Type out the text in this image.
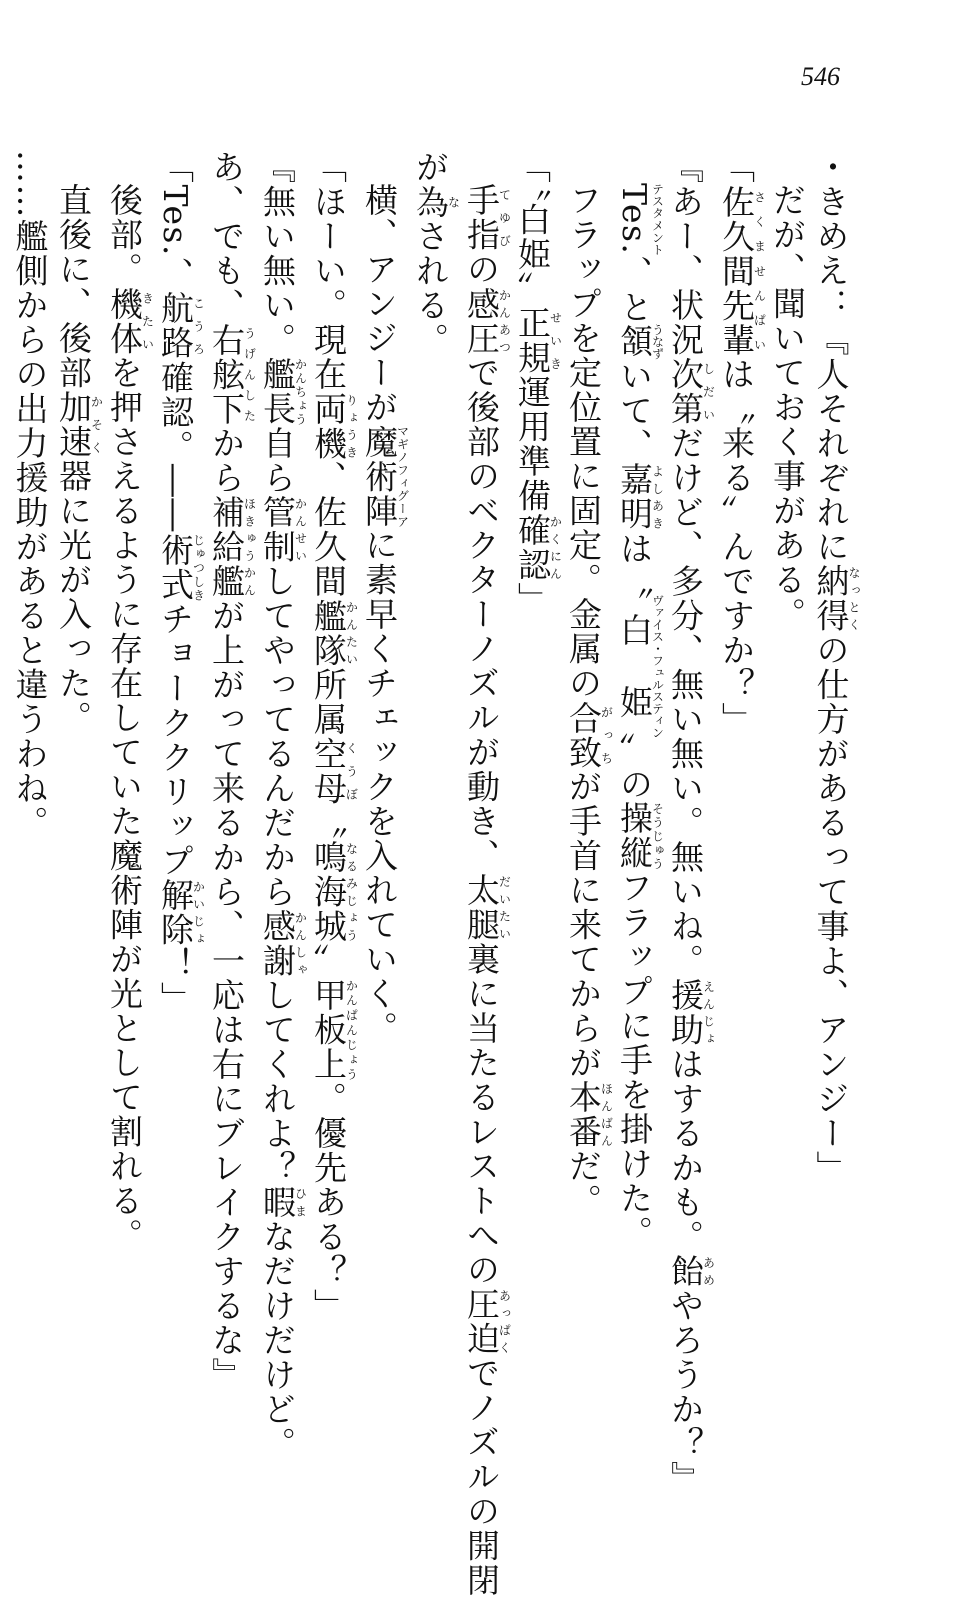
546
・きめえ：『人それぞれに納得なっとくの仕方があるって事よ、アンジー」
だが、聞いておく事がある。
「佐久間先輩さくませんぱいは〝来る〟んですか？」
『あー、状況次第しだいだけど、多分、無い無い。無いね。援助えんじょはするかも。飴あめやろうか？』
Tes.テスタメント、と頷うなずいて、嘉明よしあきは〝白姫ヴァイス・フュルスティン〟の操縦そうじゅうフラップに手を掛けた。
フラップを定位置に固定。金属の合致がっちが手首に来てからが本番ほんばんだ。
「〝白姫〟正規せいき運用準備確認かくにん」
手指てゆびの感圧かんあつで後部のベクターノズルが動き、太腿だいたい裏に当たるレストへの圧迫あっぱくでノズルの開閉
が為なされる。
横、アンジーが魔術陣マギノフィグーアに素早くチェックを入れていく。
「ほーい。現在両機りょうき、佐久間艦隊かんたい所属空母くうぼ〝鳴海城なるみじょう〟甲板上かんぱんじょう。優先ある？」
『無い無い。艦長かんちょう自ら管制かんせいしてやってるんだから感謝かんしゃしてくれよ？暇ひまなだけだけど。
あ、でも、右舷下うげんしたから補給艦ほきゅうかんが上がって来るから、一応は右にブレイクするな』
「Tes.、航路こうろ確認。――術式じゅつしきチョーククリップ解除かいじょ！」
後部。機体きたいを押さえるように存在していた魔術陣が光として割れる。
直後に、後部加速かそく器に光が入った。
……艦側からの出力援助があると違うわね。
